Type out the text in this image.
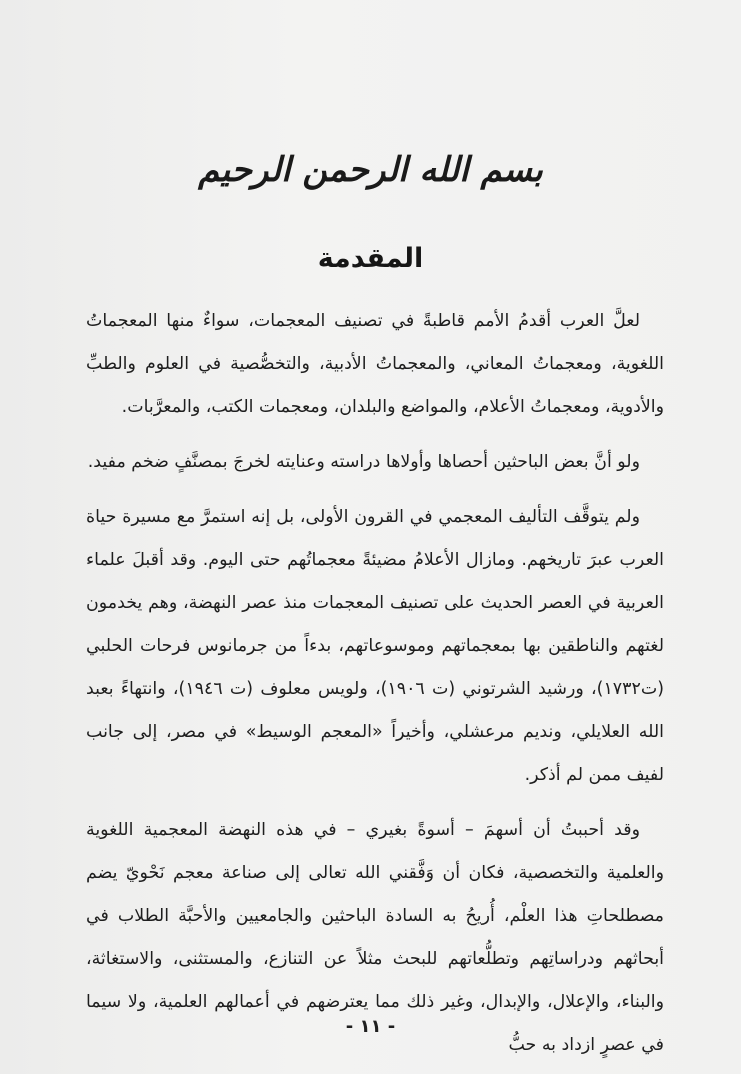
بسم الله الرحمن الرحيم
المقدمة

لعلَّ العرب أقدمُ الأمم قاطبةً في تصنيف المعجمات، سواءٌ منها المعجماتُ اللغوية، ومعجماتُ المعاني، والمعجماتُ الأدبية، والتخصُّصية في العلوم والطبِّ والأدوية، ومعجماتُ الأعلام، والمواضع والبلدان، ومعجمات الكتب، والمعرَّبات.

ولو أنَّ بعض الباحثين أحصاها وأولاها دراسته وعنايته لخرجَ بمصنَّفٍ ضخم مفيد.

ولم يتوقَّف التأليف المعجمي في القرون الأولى، بل إنه استمرَّ مع مسيرة حياة العرب عبرَ تاريخهم. ومازال الأعلامُ مضيئةً معجماتُهم حتى اليوم. وقد أقبلَ علماء العربية في العصر الحديث على تصنيف المعجمات منذ عصر النهضة، وهم يخدمون لغتهم والناطقين بها بمعجماتهم وموسوعاتهم، بدءاً من جرمانوس فرحات الحلبي (ت١٧٣٢)، ورشيد الشرتوني (ت ١٩٠٦)، ولويس معلوف (ت ١٩٤٦)، وانتهاءً بعبد الله العلايلي، ونديم مرعشلي، وأخيراً «المعجم الوسيط» في مصر، إلى جانب لفيف ممن لم أذكر.

وقد أحببتُ أن أسهمَ – أسوةً بغيري – في هذه النهضة المعجمية اللغوية والعلمية والتخصصية، فكان أن وَفَّقني الله تعالى إلى صناعة معجم نَحْويّ يضم مصطلحاتِ هذا العلْم، أُريحُ به السادة الباحثين والجامعيين والأحبَّة الطلاب في أبحاثهم ودراساتِهم وتطلُّعاتهم للبحث مثلاً عن التنازع، والمستثنى، والاستغاثة، والبناء، والإعلال، والإبدال، وغير ذلك مما يعترضهم في أعمالهم العلمية، ولا سيما في عصرٍ ازداد به حبُّ

- ١١ -
